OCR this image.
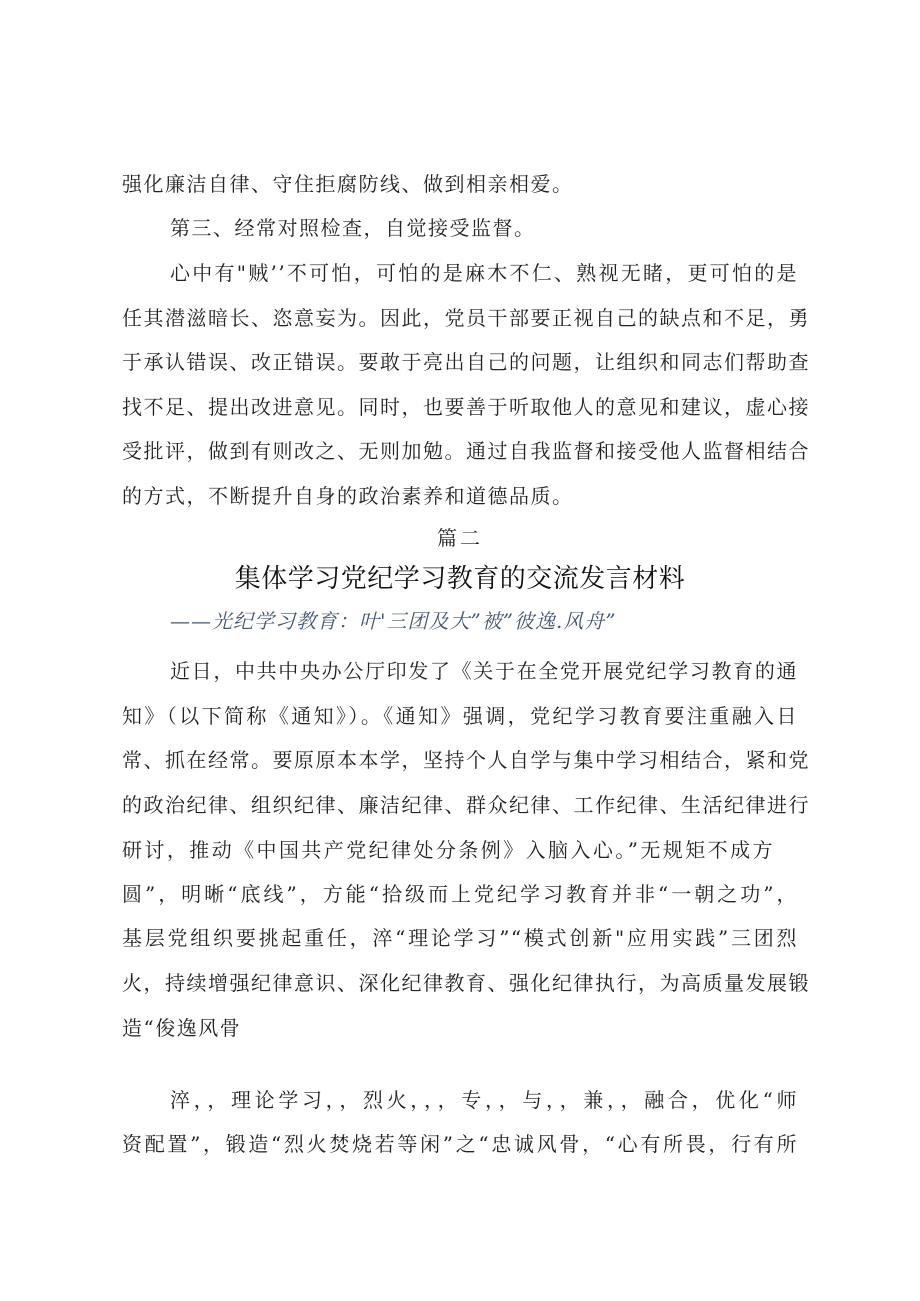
强化廉洁自律、守住拒腐防线、做到相亲相爱。
第三、经常对照检查，自觉接受监督。
心中有"贼’’不可怕，可怕的是麻木不仁、熟视无睹，更可怕的是
任其潜滋暗长、恣意妄为。因此，党员干部要正视自己的缺点和不足，勇
于承认错误、改正错误。要敢于亮出自己的问题，让组织和同志们帮助查
找不足、提出改进意见。同时，也要善于听取他人的意见和建议，虚心接
受批评，做到有则改之、无则加勉。通过自我监督和接受他人监督相结合
的方式，不断提升自身的政治素养和道德品质。
篇二
集体学习党纪学习教育的交流发言材料
——光纪学习教育：叶'三团及大”被”彼逸.风舟”
近日，中共中央办公厅印发了《关于在全党开展党纪学习教育的通
知》（以下简称《通知》）。《通知》强调，党纪学习教育要注重融入日
常、抓在经常。要原原本本学，坚持个人自学与集中学习相结合，紧和党
的政治纪律、组织纪律、廉洁纪律、群众纪律、工作纪律、生活纪律进行
研讨，推动《中国共产党纪律处分条例》入脑入心。”无规矩不成方
圆”，明晰“底线”，方能“拾级而上党纪学习教育并非“一朝之功”，
基层党组织要挑起重任，淬“理论学习”“模式创新"应用实践”三团烈
火，持续增强纪律意识、深化纪律教育、强化纪律执行，为高质量发展锻
造“俊逸风骨
淬，，理论学习，，烈火，，，专，，与，，兼，，融合，优化“师
资配置”，锻造“烈火焚烧若等闲”之“忠诚风骨，“心有所畏，行有所
